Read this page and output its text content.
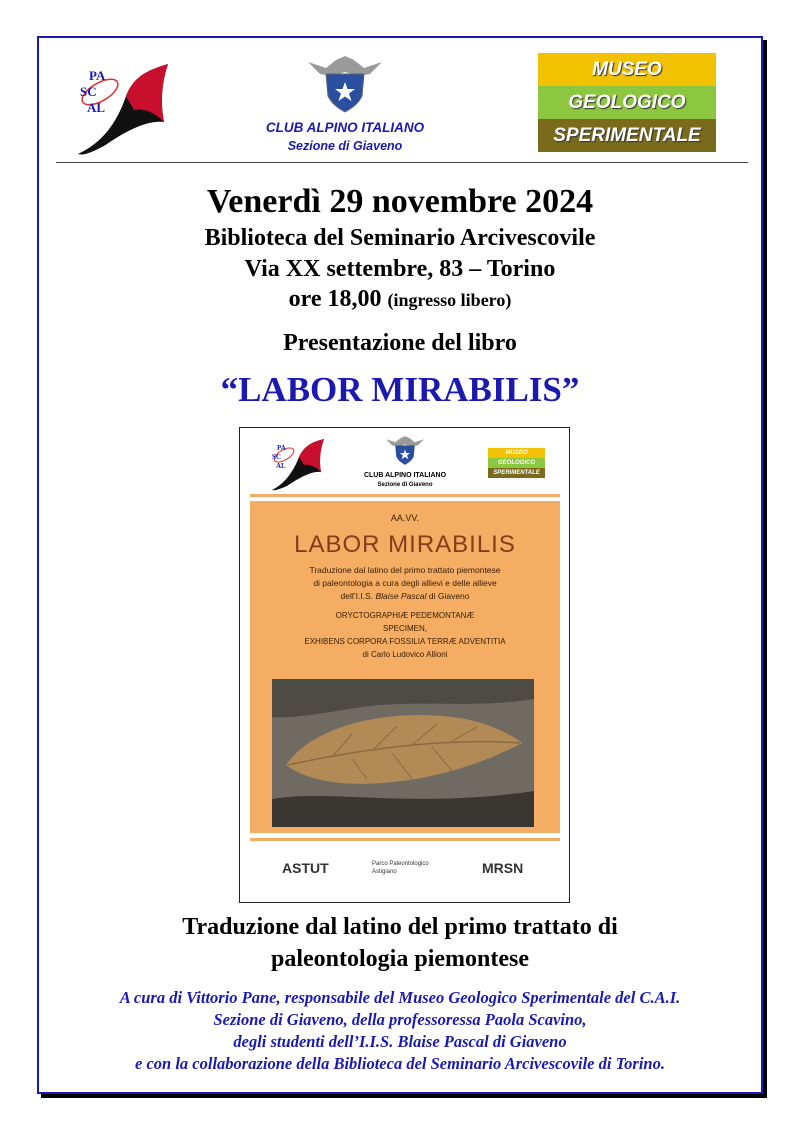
PA
SC
AL
CLUB ALPINO ITALIANO
Sezione di Giaveno
MUSEO
GEOLOGICO
SPERIMENTALE
Venerdì 29 novembre 2024
Biblioteca del Seminario Arcivescovile
Via XX settembre, 83 – Torino
ore 18,00 (ingresso libero)
Presentazione del libro
“LABOR MIRABILIS”
PA
SC
AL
CLUB ALPINO ITALIANO
Sezione di Giaveno
MUSEO
GEOLOGICO
SPERIMENTALE
AA.VV.
LABOR MIRABILIS
Traduzione dal latino del primo trattato piemontese
di paleontologia a cura degli allievi e delle allieve
dell’I.I.S. Blaise Pascal di Giaveno
ORYCTOGRAPHIÆ PEDEMONTANÆ
SPECIMEN,
EXHIBENS CORPORA FOSSILIA TERRÆ ADVENTITIA
di Carlo Ludovico Allioni
ASTUT	Parco Paleontologico Astigiano	MRSN
Traduzione dal latino del primo trattato di
paleontologia piemontese
A cura di Vittorio Pane, responsabile del Museo Geologico Sperimentale del C.A.I.
Sezione di Giaveno, della professoressa Paola Scavino,
degli studenti dell’I.I.S. Blaise Pascal di Giaveno
e con la collaborazione della Biblioteca del Seminario Arcivescovile di Torino.
